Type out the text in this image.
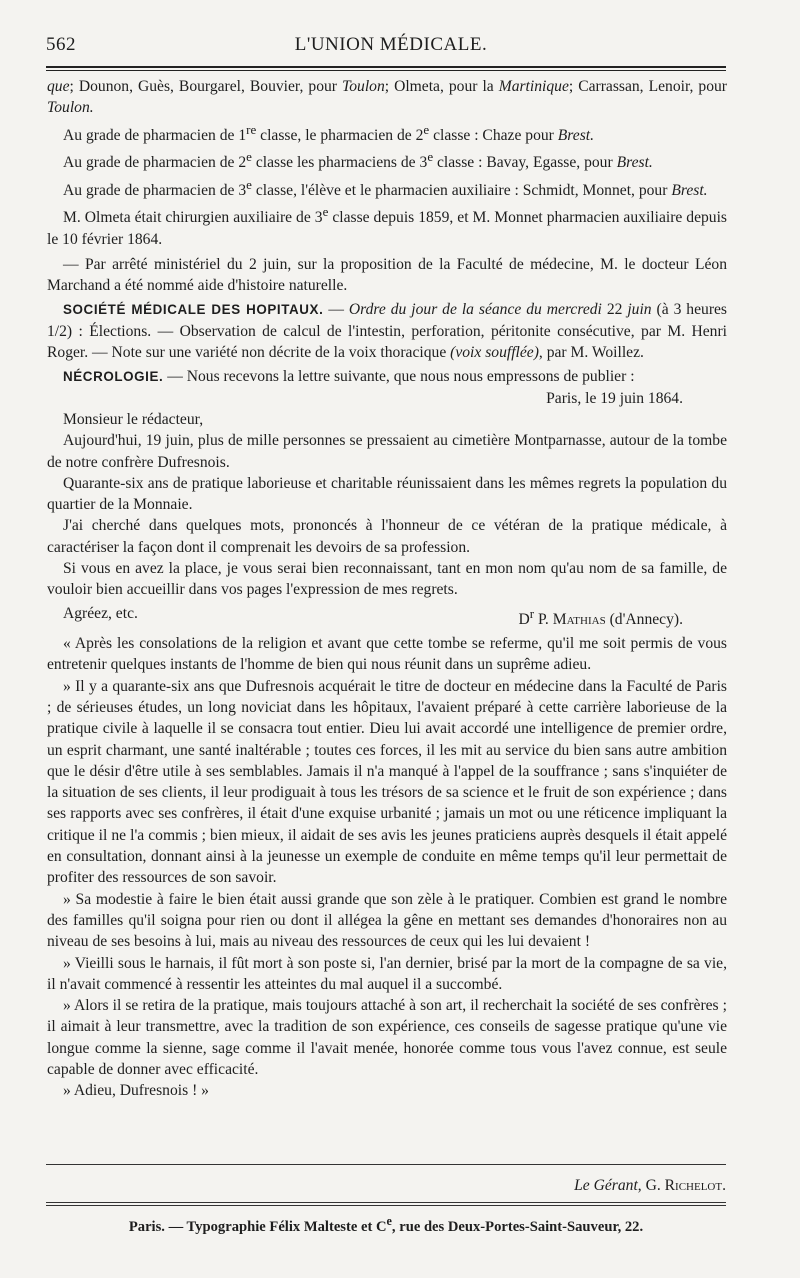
562	L'UNION MÉDICALE.

que; Dounon, Guès, Bourgarel, Bouvier, pour Toulon; Olmeta, pour la Martinique; Carrassan, Lenoir, pour Toulon.

Au grade de pharmacien de 1re classe, le pharmacien de 2e classe : Chaze pour Brest.

Au grade de pharmacien de 2e classe les pharmaciens de 3e classe : Bavay, Egasse, pour Brest.

Au grade de pharmacien de 3e classe, l'élève et le pharmacien auxiliaire : Schmidt, Monnet, pour Brest.

M. Olmeta était chirurgien auxiliaire de 3e classe depuis 1859, et M. Monnet pharmacien auxiliaire depuis le 10 février 1864.

— Par arrêté ministériel du 2 juin, sur la proposition de la Faculté de médecine, M. le docteur Léon Marchand a été nommé aide d'histoire naturelle.

SOCIÉTÉ MÉDICALE DES HOPITAUX. — Ordre du jour de la séance du mercredi 22 juin (à 3 heures 1/2) : Élections. — Observation de calcul de l'intestin, perforation, péritonite consécutive, par M. Henri Roger. — Note sur une variété non décrite de la voix thoracique (voix soufflée), par M. Woillez.

NÉCROLOGIE. — Nous recevons la lettre suivante, que nous nous empressons de publier :

Paris, le 19 juin 1864.

Monsieur le rédacteur,

Aujourd'hui, 19 juin, plus de mille personnes se pressaient au cimetière Montparnasse, autour de la tombe de notre confrère Dufresnois.

Quarante-six ans de pratique laborieuse et charitable réunissaient dans les mêmes regrets la population du quartier de la Monnaie.

J'ai cherché dans quelques mots, prononcés à l'honneur de ce vétéran de la pratique médicale, à caractériser la façon dont il comprenait les devoirs de sa profession.

Si vous en avez la place, je vous serai bien reconnaissant, tant en mon nom qu'au nom de sa famille, de vouloir bien accueillir dans vos pages l'expression de mes regrets.

Agréez, etc.	$D^r$ P. Mathias (d'Annecy).

« Après les consolations de la religion et avant que cette tombe se referme, qu'il me soit permis de vous entretenir quelques instants de l'homme de bien qui nous réunit dans un suprême adieu.

» Il y a quarante-six ans que Dufresnois acquérait le titre de docteur en médecine dans la Faculté de Paris ; de sérieuses études, un long noviciat dans les hôpitaux, l'avaient préparé à cette carrière laborieuse de la pratique civile à laquelle il se consacra tout entier. Dieu lui avait accordé une intelligence de premier ordre, un esprit charmant, une santé inaltérable ; toutes ces forces, il les mit au service du bien sans autre ambition que le désir d'être utile à ses semblables. Jamais il n'a manqué à l'appel de la souffrance ; sans s'inquiéter de la situation de ses clients, il leur prodiguait à tous les trésors de sa science et le fruit de son expérience ; dans ses rapports avec ses confrères, il était d'une exquise urbanité ; jamais un mot ou une réticence impliquant la critique il ne l'a commis ; bien mieux, il aidait de ses avis les jeunes praticiens auprès desquels il était appelé en consultation, donnant ainsi à la jeunesse un exemple de conduite en même temps qu'il leur permettait de profiter des ressources de son savoir.

» Sa modestie à faire le bien était aussi grande que son zèle à le pratiquer. Combien est grand le nombre des familles qu'il soigna pour rien ou dont il allégea la gêne en mettant ses demandes d'honoraires non au niveau de ses besoins à lui, mais au niveau des ressources de ceux qui les lui devaient !

» Vieilli sous le harnais, il fût mort à son poste si, l'an dernier, brisé par la mort de la compagne de sa vie, il n'avait commencé à ressentir les atteintes du mal auquel il a succombé.

» Alors il se retira de la pratique, mais toujours attaché à son art, il recherchait la société de ses confrères ; il aimait à leur transmettre, avec la tradition de son expérience, ces conseils de sagesse pratique qu'une vie longue comme la sienne, sage comme il l'avait menée, honorée comme tous vous l'avez connue, est seule capable de donner avec efficacité.

» Adieu, Dufresnois ! »

Le Gérant, G. Richelot.
Paris. — Typographie Félix Malteste et Ce, rue des Deux-Portes-Saint-Sauveur, 22.
